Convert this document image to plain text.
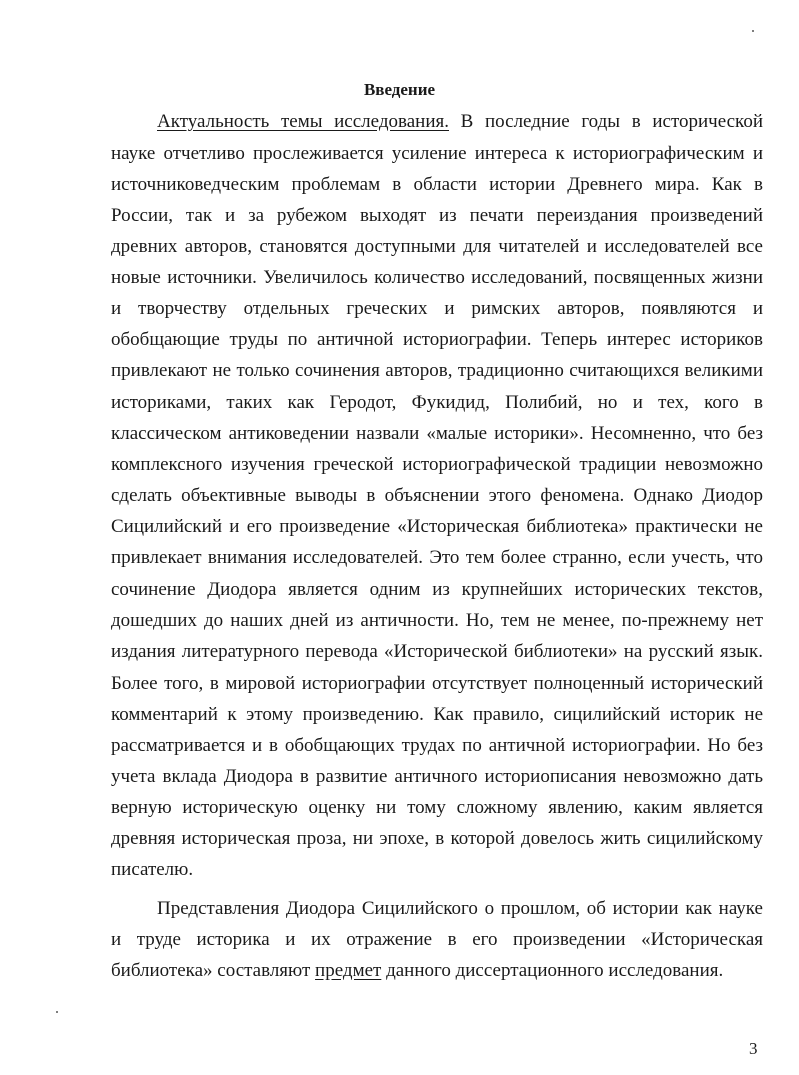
Введение
Актуальность темы исследования. В последние годы в исторической
науке отчетливо прослеживается усиление интереса к историографическим и
источниковедческим проблемам в области истории Древнего мира. Как в
России, так и за рубежом выходят из печати переиздания произведений
древних авторов, становятся доступными для читателей и исследователей все
новые источники. Увеличилось количество исследований, посвященных жизни
и творчеству отдельных греческих и римских авторов, появляются и
обобщающие труды по античной историографии. Теперь интерес историков
привлекают не только сочинения авторов, традиционно считающихся великими
историками, таких как Геродот, Фукидид, Полибий, но и тех, кого в
классическом антиковедении назвали «малые историки». Несомненно, что без
комплексного изучения греческой историографической традиции невозможно
сделать объективные выводы в объяснении этого феномена. Однако Диодор
Сицилийский и его произведение «Историческая библиотека» практически не
привлекает внимания исследователей. Это тем более странно, если учесть, что
сочинение Диодора является одним из крупнейших исторических текстов,
дошедших до наших дней из античности. Но, тем не менее, по-прежнему нет
издания литературного перевода «Исторической библиотеки» на русский язык.
Более того, в мировой историографии отсутствует полноценный исторический
комментарий к этому произведению. Как правило, сицилийский историк не
рассматривается и в обобщающих трудах по античной историографии. Но без
учета вклада Диодора в развитие античного историописания невозможно дать
верную историческую оценку ни тому сложному явлению, каким является
древняя историческая проза, ни эпохе, в которой довелось жить сицилийскому
писателю.
Представления Диодора Сицилийского о прошлом, об истории как науке
и труде историка и их отражение в его произведении «Историческая
библиотека» составляют предмет данного диссертационного исследования.
3
